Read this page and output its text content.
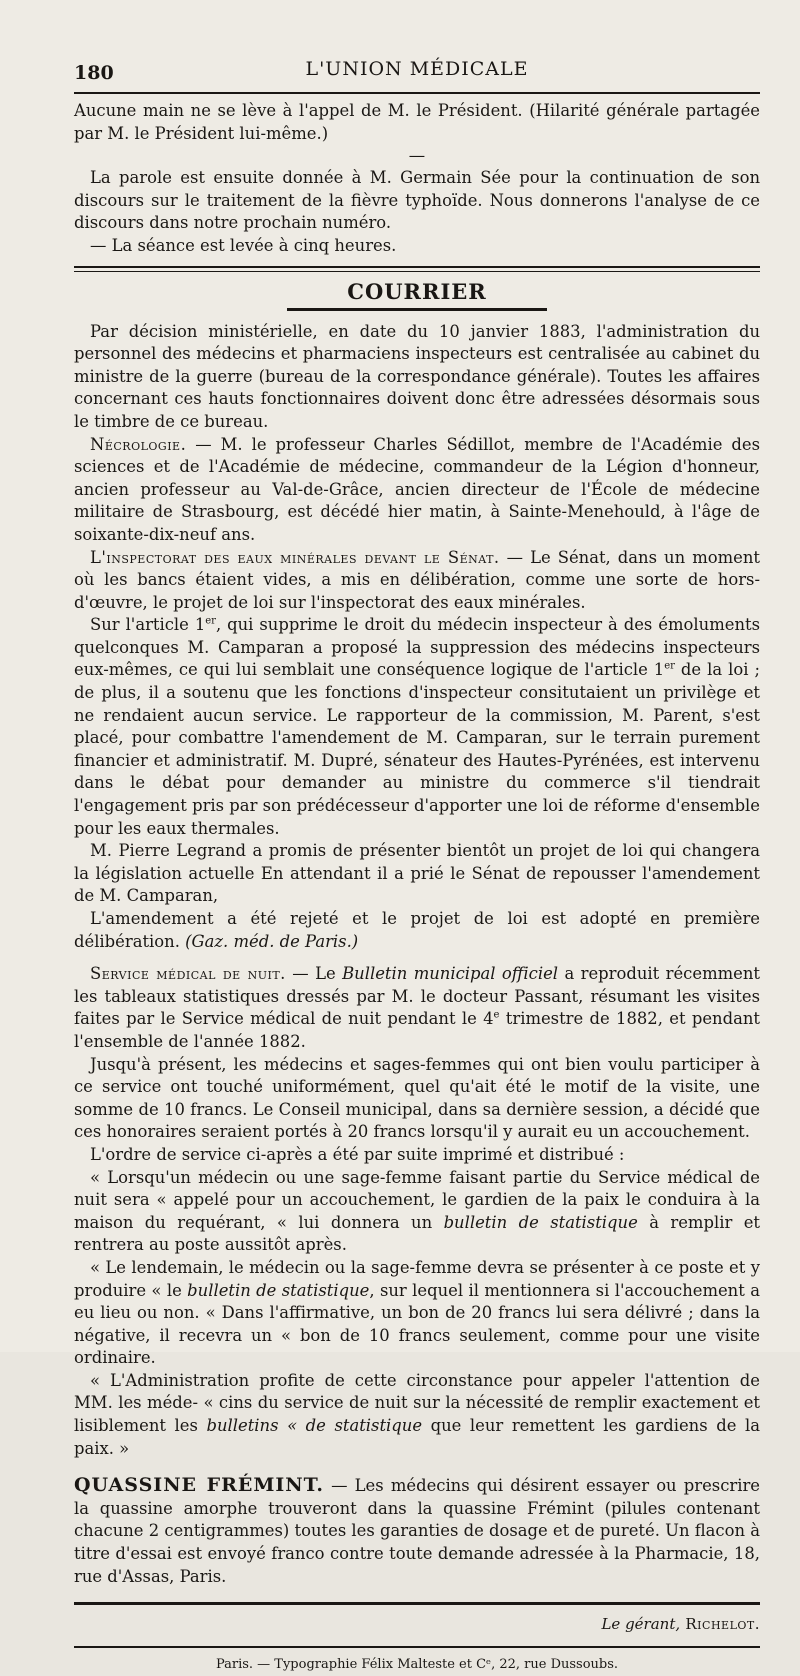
180	L'UNION MÉDICALE

Aucune main ne se lève à l'appel de M. le Président. (Hilarité générale partagée par M. le Président lui-même.)

—

La parole est ensuite donnée à M. Germain Sée pour la continuation de son discours sur le traitement de la fièvre typhoïde. Nous donnerons l'analyse de ce discours dans notre prochain numéro.

— La séance est levée à cinq heures.

COURRIER

Par décision ministérielle, en date du 10 janvier 1883, l'administration du personnel des médecins et pharmaciens inspecteurs est centralisée au cabinet du ministre de la guerre (bureau de la correspondance générale). Toutes les affaires concernant ces hauts fonctionnaires doivent donc être adressées désormais sous le timbre de ce bureau.

Nécrologie. — M. le professeur Charles Sédillot, membre de l'Académie des sciences et de l'Académie de médecine, commandeur de la Légion d'honneur, ancien professeur au Val-de-Grâce, ancien directeur de l'École de médecine militaire de Strasbourg, est décédé hier matin, à Sainte-Menehould, à l'âge de soixante-dix-neuf ans.

L'inspectorat des eaux minérales devant le Sénat. — Le Sénat, dans un moment où les bancs étaient vides, a mis en délibération, comme une sorte de hors-d'œuvre, le projet de loi sur l'inspectorat des eaux minérales.

Sur l'article 1er, qui supprime le droit du médecin inspecteur à des émoluments quelconques M. Camparan a proposé la suppression des médecins inspecteurs eux-mêmes, ce qui lui semblait une conséquence logique de l'article 1er de la loi ; de plus, il a soutenu que les fonctions d'inspecteur consitutaient un privilège et ne rendaient aucun service. Le rapporteur de la commission, M. Parent, s'est placé, pour combattre l'amendement de M. Camparan, sur le terrain purement financier et administratif. M. Dupré, sénateur des Hautes-Pyrénées, est intervenu dans le débat pour demander au ministre du commerce s'il tiendrait l'engagement pris par son prédécesseur d'apporter une loi de réforme d'ensemble pour les eaux thermales.

M. Pierre Legrand a promis de présenter bientôt un projet de loi qui changera la législation actuelle En attendant il a prié le Sénat de repousser l'amendement de M. Camparan,

L'amendement a été rejeté et le projet de loi est adopté en première délibération. (Gaz. méd. de Paris.)

Service médical de nuit. — Le Bulletin municipal officiel a reproduit récemment les tableaux statistiques dressés par M. le docteur Passant, résumant les visites faites par le Service médical de nuit pendant le 4e trimestre de 1882, et pendant l'ensemble de l'année 1882.

Jusqu'à présent, les médecins et sages-femmes qui ont bien voulu participer à ce service ont touché uniformément, quel qu'ait été le motif de la visite, une somme de 10 francs. Le Conseil municipal, dans sa dernière session, a décidé que ces honoraires seraient portés à 20 francs lorsqu'il y aurait eu un accouchement.

L'ordre de service ci-après a été par suite imprimé et distribué :

« Lorsqu'un médecin ou une sage-femme faisant partie du Service médical de nuit sera « appelé pour un accouchement, le gardien de la paix le conduira à la maison du requérant, « lui donnera un bulletin de statistique à remplir et rentrera au poste aussitôt après.

« Le lendemain, le médecin ou la sage-femme devra se présenter à ce poste et y produire « le bulletin de statistique, sur lequel il mentionnera si l'accouchement a eu lieu ou non. « Dans l'affirmative, un bon de 20 francs lui sera délivré ; dans la négative, il recevra un « bon de 10 francs seulement, comme pour une visite ordinaire.

« L'Administration profite de cette circonstance pour appeler l'attention de MM. les méde- « cins du service de nuit sur la nécessité de remplir exactement et lisiblement les bulletins « de statistique que leur remettent les gardiens de la paix. »

QUASSINE FRÉMINT. — Les médecins qui désirent essayer ou prescrire la quassine amorphe trouveront dans la quassine Frémint (pilules contenant chacune 2 centigrammes) toutes les garanties de dosage et de pureté. Un flacon à titre d'essai est envoyé franco contre toute demande adressée à la Pharmacie, 18, rue d'Assas, Paris.

Le gérant, Richelot.

Paris. — Typographie Félix Malteste et Cᵉ, 22, rue Dussoubs.
